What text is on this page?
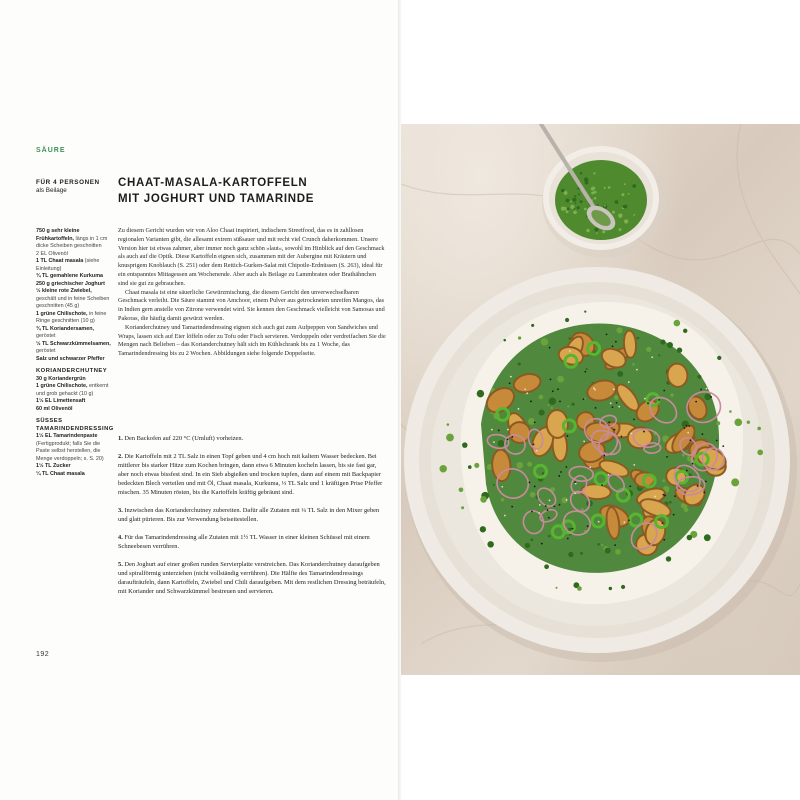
SÄURE
CHAAT-MASALA-KARTOFFELN
MIT JOGHURT UND TAMARINDE
FÜR 4 PERSONEN
als Beilage
750 g sehr kleine Frühkartoffeln, längs in 1 cm dicke Scheiben geschnitten
2 EL Olivenöl
1 TL Chaat masala (siehe Einleitung)
¾ TL gemahlene Kurkuma
250 g griechischer Joghurt
½ kleine rote Zwiebel, geschält und in feine Scheiben geschnitten (45 g)
1 grüne Chilischote, in feine Ringe geschnitten (10 g)
¾ TL Koriandersamen, geröstet
½ TL Schwarzkümmelsamen, geröstet
Salz und schwarzer Pfeffer
KORIANDERCHUTNEY
30 g Koriandergrün
1 grüne Chilischote, entkernt und grob gehackt (10 g)
1½ EL Limettensaft
60 ml Olivenöl
SÜSSES TAMARINDENDRESSING
1½ EL Tamarindenpaste (Fertigprodukt; falls Sie die Paste selbst herstellen, die Menge verdoppeln; s. S. 20)
1½ TL Zucker
¼ TL Chaat masala

Zu diesem Gericht wurden wir von Aloo Chaat inspiriert, indischem Streetfood, das es in zahllosen regionalen Varianten gibt, die allesamt extrem süßsauer und mit recht viel Crunch daherkommen. Unsere Version hier ist etwas zahmer, aber immer noch ganz schön »laut«, sowohl im Hinblick auf den Geschmack als auch auf die Optik. Diese Kartoffeln eignen sich, zusammen mit der Aubergine mit Kräutern und knusprigem Knoblauch (S. 251) oder dem Rettich-Gurken-Salat mit Chipotle-Erdnüssen (S. 263), ideal für ein entspanntes Mittagessen am Wochenende. Aber auch als Beilage zu Lammbraten oder Brathähnchen sind sie gut zu gebrauchen.

Chaat masala ist eine säuerliche Gewürzmischung, die diesem Gericht den unverwechselbaren Geschmack verleiht. Die Säure stammt von Amchoor, einem Pulver aus getrockneten unreifen Mangos, das in Indien gern anstelle von Zitrone verwendet wird. Sie kennen den Geschmack vielleicht von Samosas und Pakoras, die häufig damit gewürzt werden.

Korianderchutney und Tamarindendressing eignen sich auch gut zum Aufpeppen von Sandwiches und Wraps, lassen sich auf Eier löffeln oder zu Tofu oder Fisch servieren. Verdoppeln oder verdreifachen Sie die Mengen nach Belieben – das Korianderchutney hält sich im Kühlschrank bis zu 1 Woche, das Tamarindendressing bis zu 2 Wochen. Abbildungen siehe folgende Doppelseite.

1. Den Backofen auf 220 °C (Umluft) vorheizen.

2. Die Kartoffeln mit 2 TL Salz in einen Topf geben und 4 cm hoch mit kaltem Wasser bedecken. Bei mittlerer bis starker Hitze zum Kochen bringen, dann etwa 6 Minuten kocheln lassen, bis sie fast gar, aber noch etwas bissfest sind. In ein Sieb abgießen und trocken tupfen, dann auf einem mit Backpapier bedeckten Blech verteilen und mit Öl, Chaat masala, Kurkuma, ⅓ TL Salz und 1 kräftigen Prise Pfeffer mischen. 35 Minuten rösten, bis die Kartoffeln kräftig gebräunt sind.

3. Inzwischen das Korianderchutney zubereiten. Dafür alle Zutaten mit ¼ TL Salz in den Mixer geben und glatt pürieren. Bis zur Verwendung beiseitestellen.

4. Für das Tamarindendressing alle Zutaten mit 1½ TL Wasser in einer kleinen Schüssel mit einem Schneebesen verrühren.

5. Den Joghurt auf einer großen runden Servierplatte verstreichen. Das Korianderchutney daraufgeben und spiralförmig unterziehen (nicht vollständig verrühren). Die Hälfte des Tamarindendressings daraufträufeln, dann Kartoffeln, Zwiebel und Chili daraufgeben. Mit dem restlichen Dressing beträufeln, mit Koriander und Schwarzkümmel bestreuen und servieren.

192
